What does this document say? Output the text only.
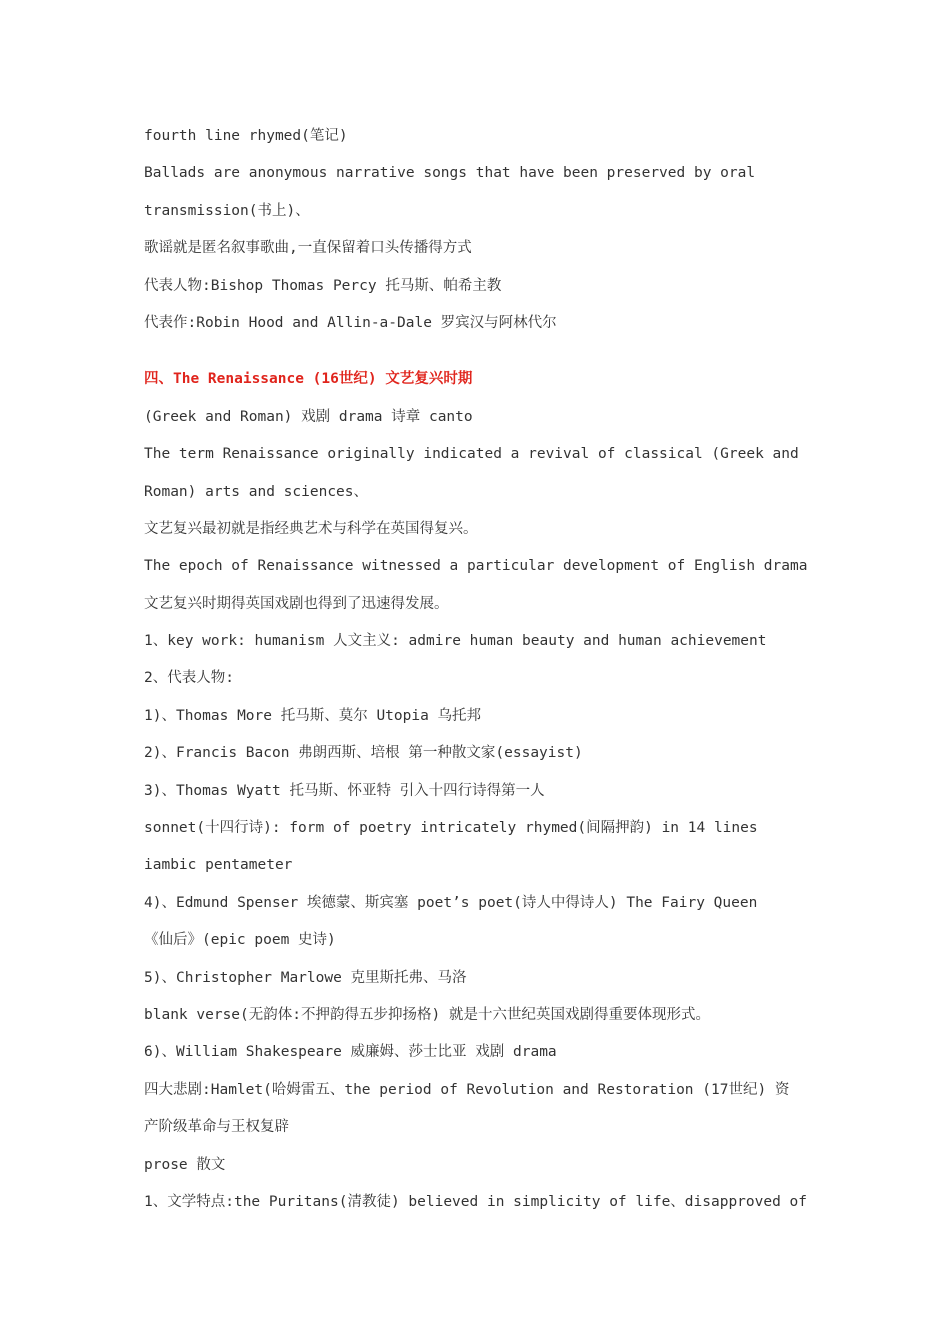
fourth line rhymed(笔记)
Ballads are anonymous narrative songs that have been preserved by oral
transmission(书上)、
歌谣就是匿名叙事歌曲,一直保留着口头传播得方式
代表人物:Bishop Thomas Percy 托马斯、帕希主教
代表作:Robin Hood and Allin-a-Dale 罗宾汉与阿林代尔
四、The Renaissance (16世纪) 文艺复兴时期
(Greek and Roman) 戏剧 drama 诗章 canto
The term Renaissance originally indicated a revival of classical (Greek and
Roman) arts and sciences、
文艺复兴最初就是指经典艺术与科学在英国得复兴。
The epoch of Renaissance witnessed a particular development of English drama
文艺复兴时期得英国戏剧也得到了迅速得发展。
1、key work: humanism 人文主义: admire human beauty and human achievement
2、代表人物:
1)、Thomas More 托马斯、莫尔 Utopia 乌托邦
2)、Francis Bacon 弗朗西斯、培根 第一种散文家(essayist)
3)、Thomas Wyatt 托马斯、怀亚特 引入十四行诗得第一人
sonnet(十四行诗): form of poetry intricately rhymed(间隔押韵) in 14 lines
iambic pentameter
4)、Edmund Spenser 埃德蒙、斯宾塞 poet’s poet(诗人中得诗人) The Fairy Queen
《仙后》(epic poem 史诗)
5)、Christopher Marlowe 克里斯托弗、马洛
blank verse(无韵体:不押韵得五步抑扬格) 就是十六世纪英国戏剧得重要体现形式。
6)、William Shakespeare 威廉姆、莎士比亚 戏剧 drama
四大悲剧:Hamlet(哈姆雷五、the period of Revolution and Restoration (17世纪) 资
产阶级革命与王权复辟
prose 散文
1、文学特点:the Puritans(清教徒) believed in simplicity of life、disapproved of
